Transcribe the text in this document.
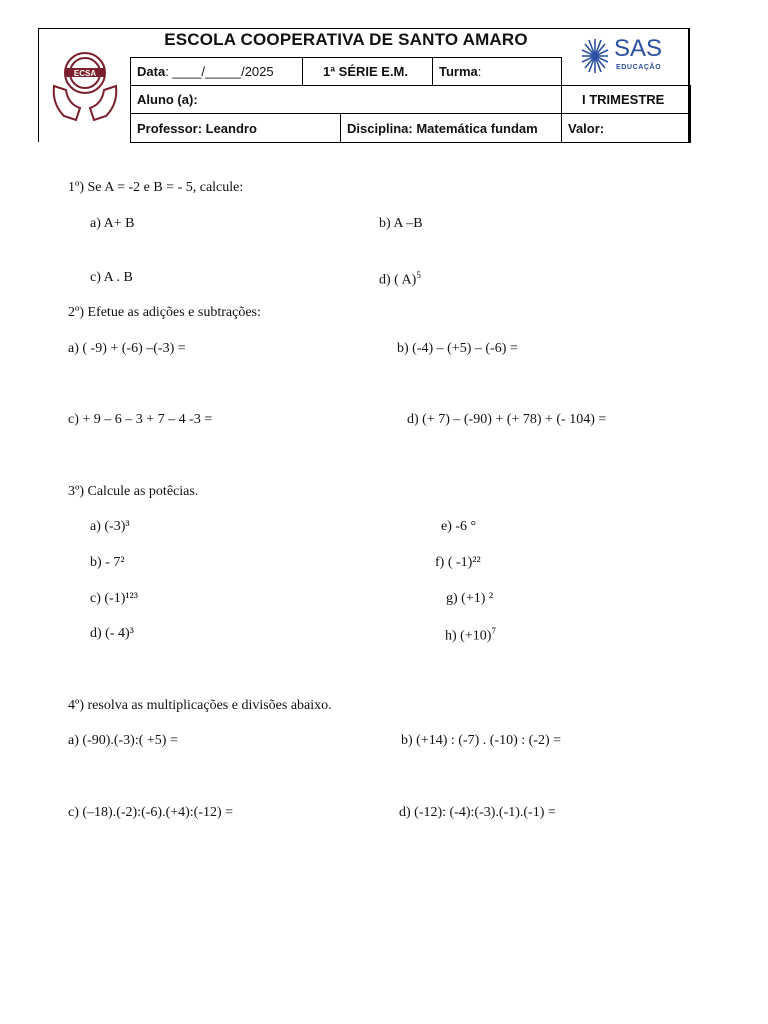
ECSA
ESCOLA COOPERATIVA DE SANTO AMARO	SAS
EDUCAÇÃO
Data : ____/_____/2025	1ª SÉRIE E.M.	Turma :
Aluno (a):	I TRIMESTRE
Professor: Leandro	Disciplina: Matemática fundam	Valor:
1º) Se A = -2 e B = - 5, calcule:
a) A+ B	b) A –B
c) A . B	d) ( A)$^5$
2º) Efetue as adições e subtrações:
a) ( -9) + (-6) –(-3) =	b) (-4) – (+5) – (-6) =
c) + 9 – 6 – 3 + 7 – 4 -3 =	d) (+ 7) – (-90) + (+ 78) + (- 104) =
3º) Calcule as potêcias.
a) (-3)³	e) -6 °
b) - 7²	f) ( -1)²²
c) (-1)¹²³	g) (+1) ²
d) (- 4)³	h) $(+10)^7$
4º) resolva as multiplicações e divisões abaixo.
a) (-90).(-3):( +5) =	b) (+14) : (-7) . (-10) : (-2) =
c) (–18).(-2):(-6).(+4):(-12) =	d) (-12): (-4):(-3).(-1).(-1) =
